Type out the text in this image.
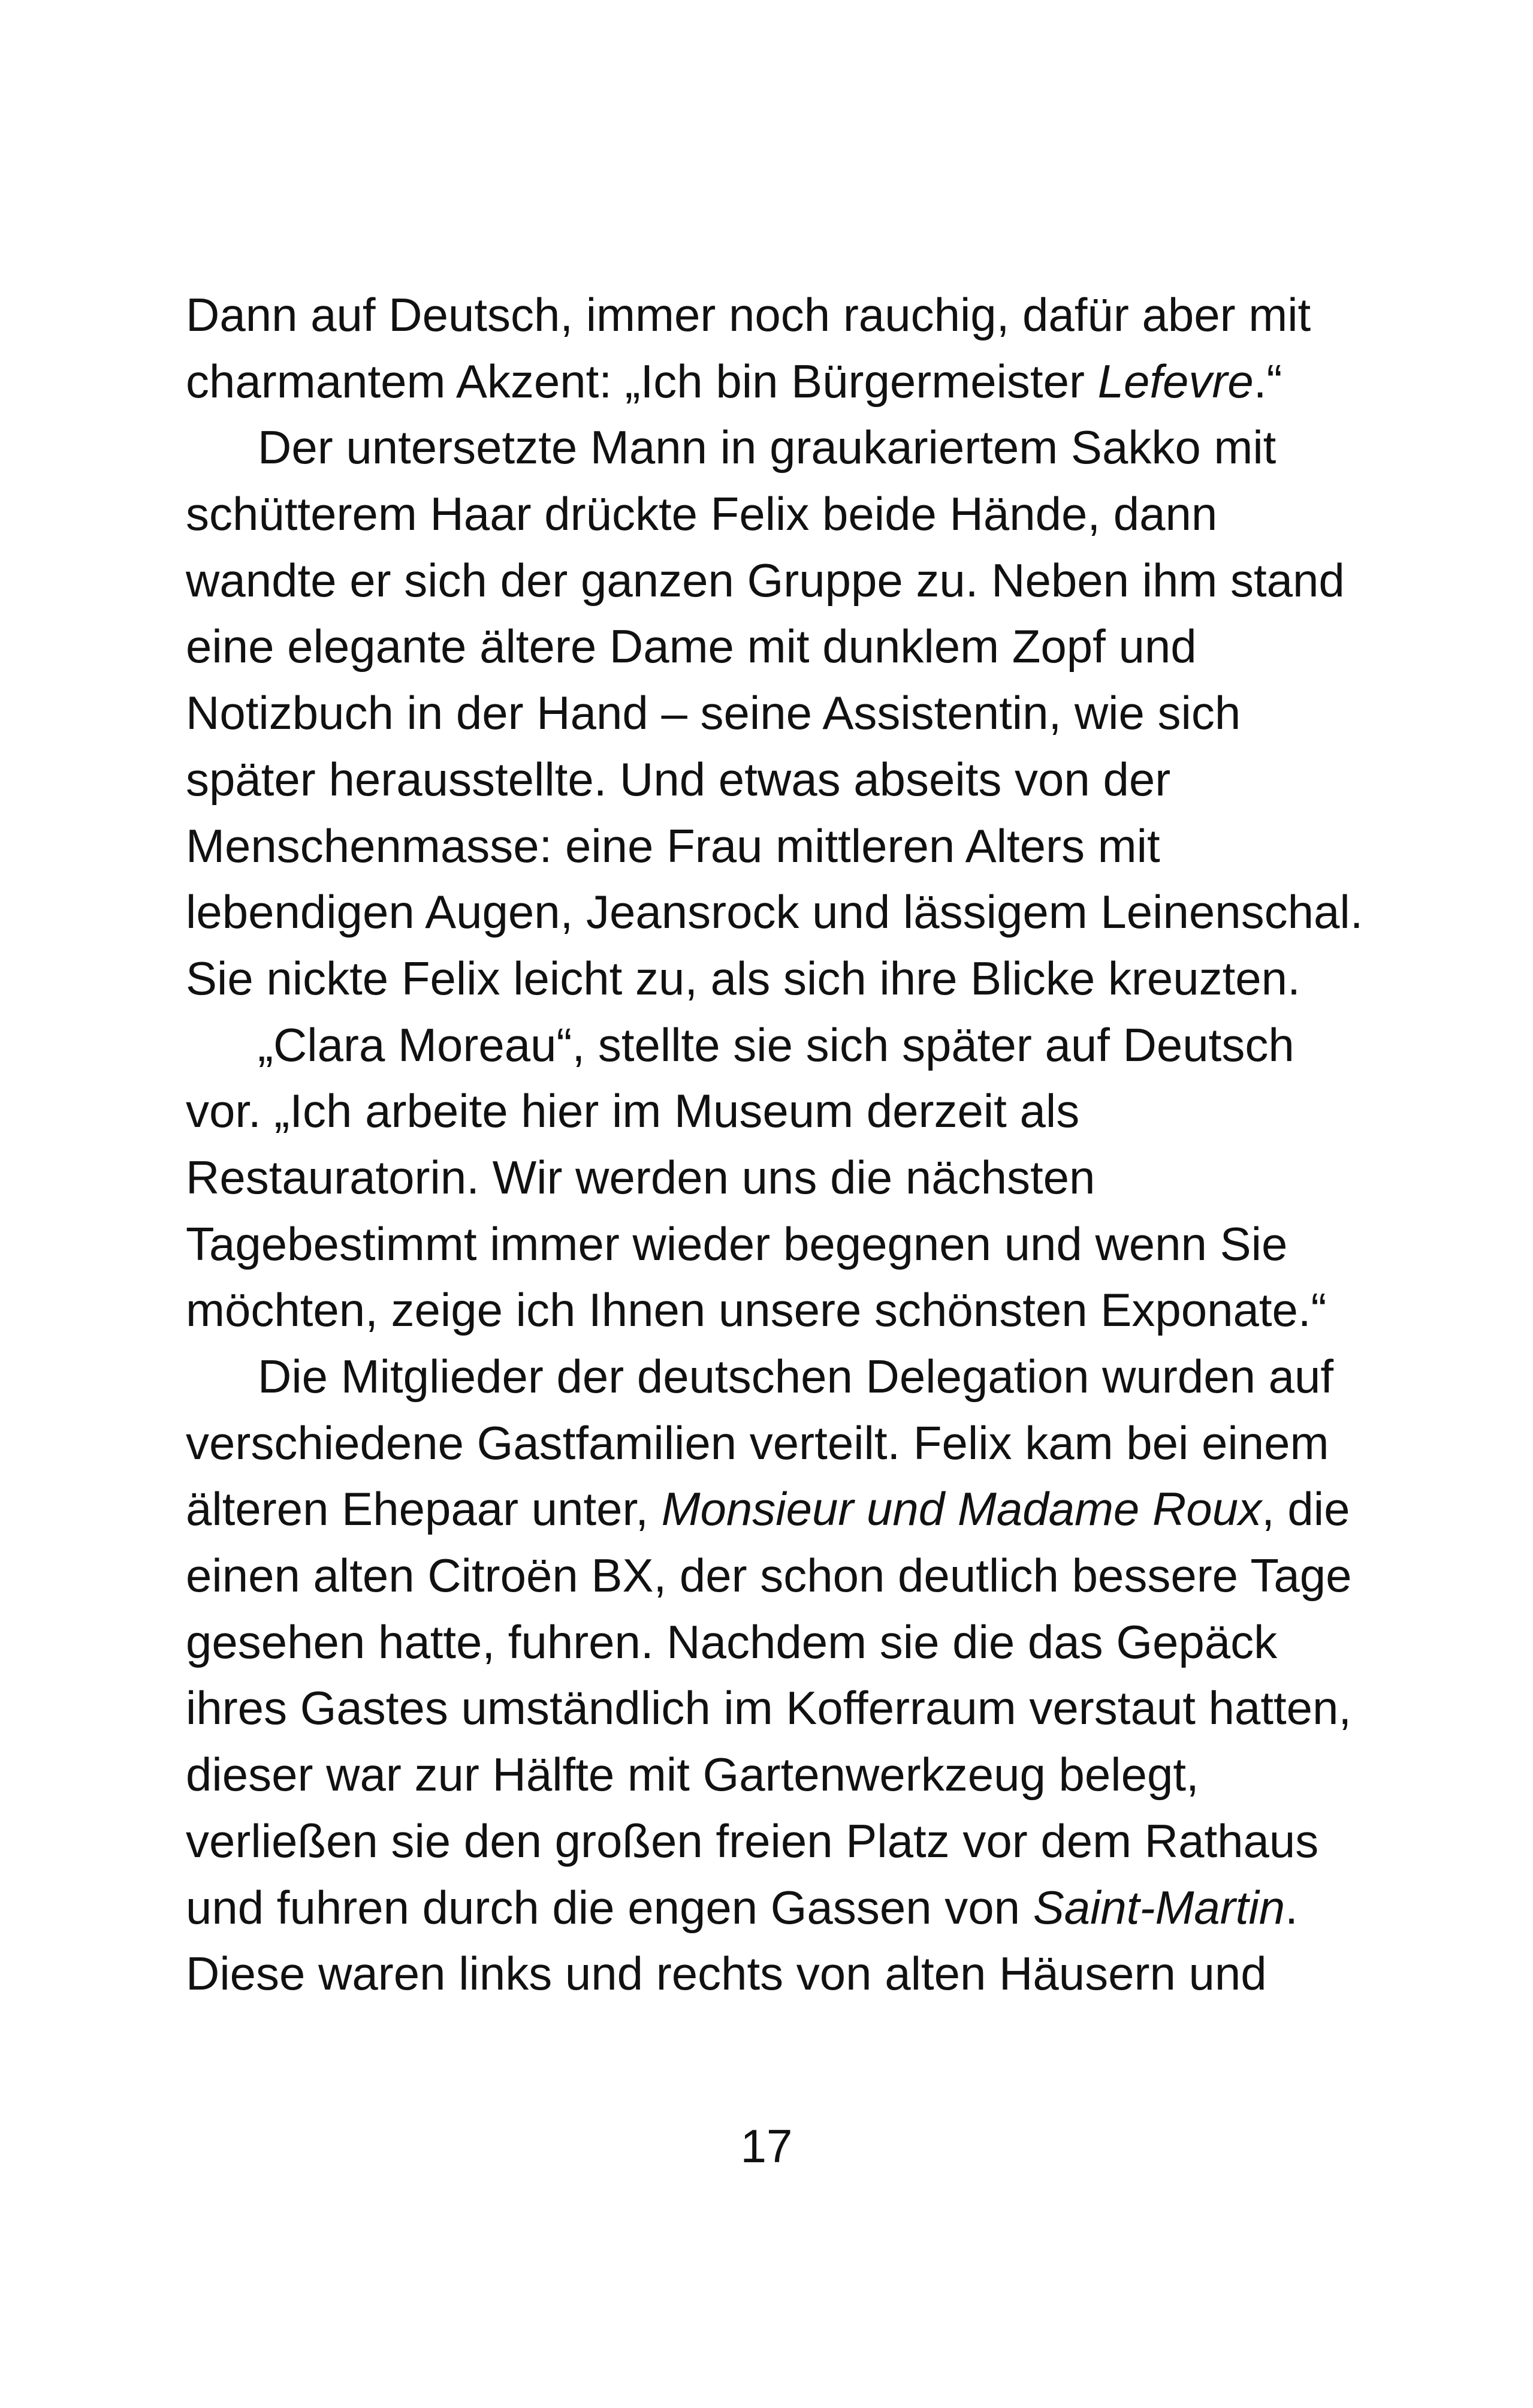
Dann auf Deutsch, immer noch rauchig, dafür aber mit
charmantem Akzent: „Ich bin Bürgermeister Lefevre.“
Der untersetzte Mann in graukariertem Sakko mit
schütterem Haar drückte Felix beide Hände, dann
wandte er sich der ganzen Gruppe zu. Neben ihm stand
eine elegante ältere Dame mit dunklem Zopf und
Notizbuch in der Hand – seine Assistentin, wie sich
später herausstellte. Und etwas abseits von der
Menschenmasse: eine Frau mittleren Alters mit
lebendigen Augen, Jeansrock und lässigem Leinenschal.
Sie nickte Felix leicht zu, als sich ihre Blicke kreuzten.
„Clara Moreau“, stellte sie sich später auf Deutsch
vor. „Ich arbeite hier im Museum derzeit als
Restauratorin. Wir werden uns die nächsten
Tagebestimmt immer wieder begegnen und wenn Sie
möchten, zeige ich Ihnen unsere schönsten Exponate.“
Die Mitglieder der deutschen Delegation wurden auf
verschiedene Gastfamilien verteilt. Felix kam bei einem
älteren Ehepaar unter, Monsieur und Madame Roux, die
einen alten Citroën BX, der schon deutlich bessere Tage
gesehen hatte, fuhren. Nachdem sie die das Gepäck
ihres Gastes umständlich im Kofferraum verstaut hatten,
dieser war zur Hälfte mit Gartenwerkzeug belegt,
verließen sie den großen freien Platz vor dem Rathaus
und fuhren durch die engen Gassen von Saint-Martin.
Diese waren links und rechts von alten Häusern und
17
